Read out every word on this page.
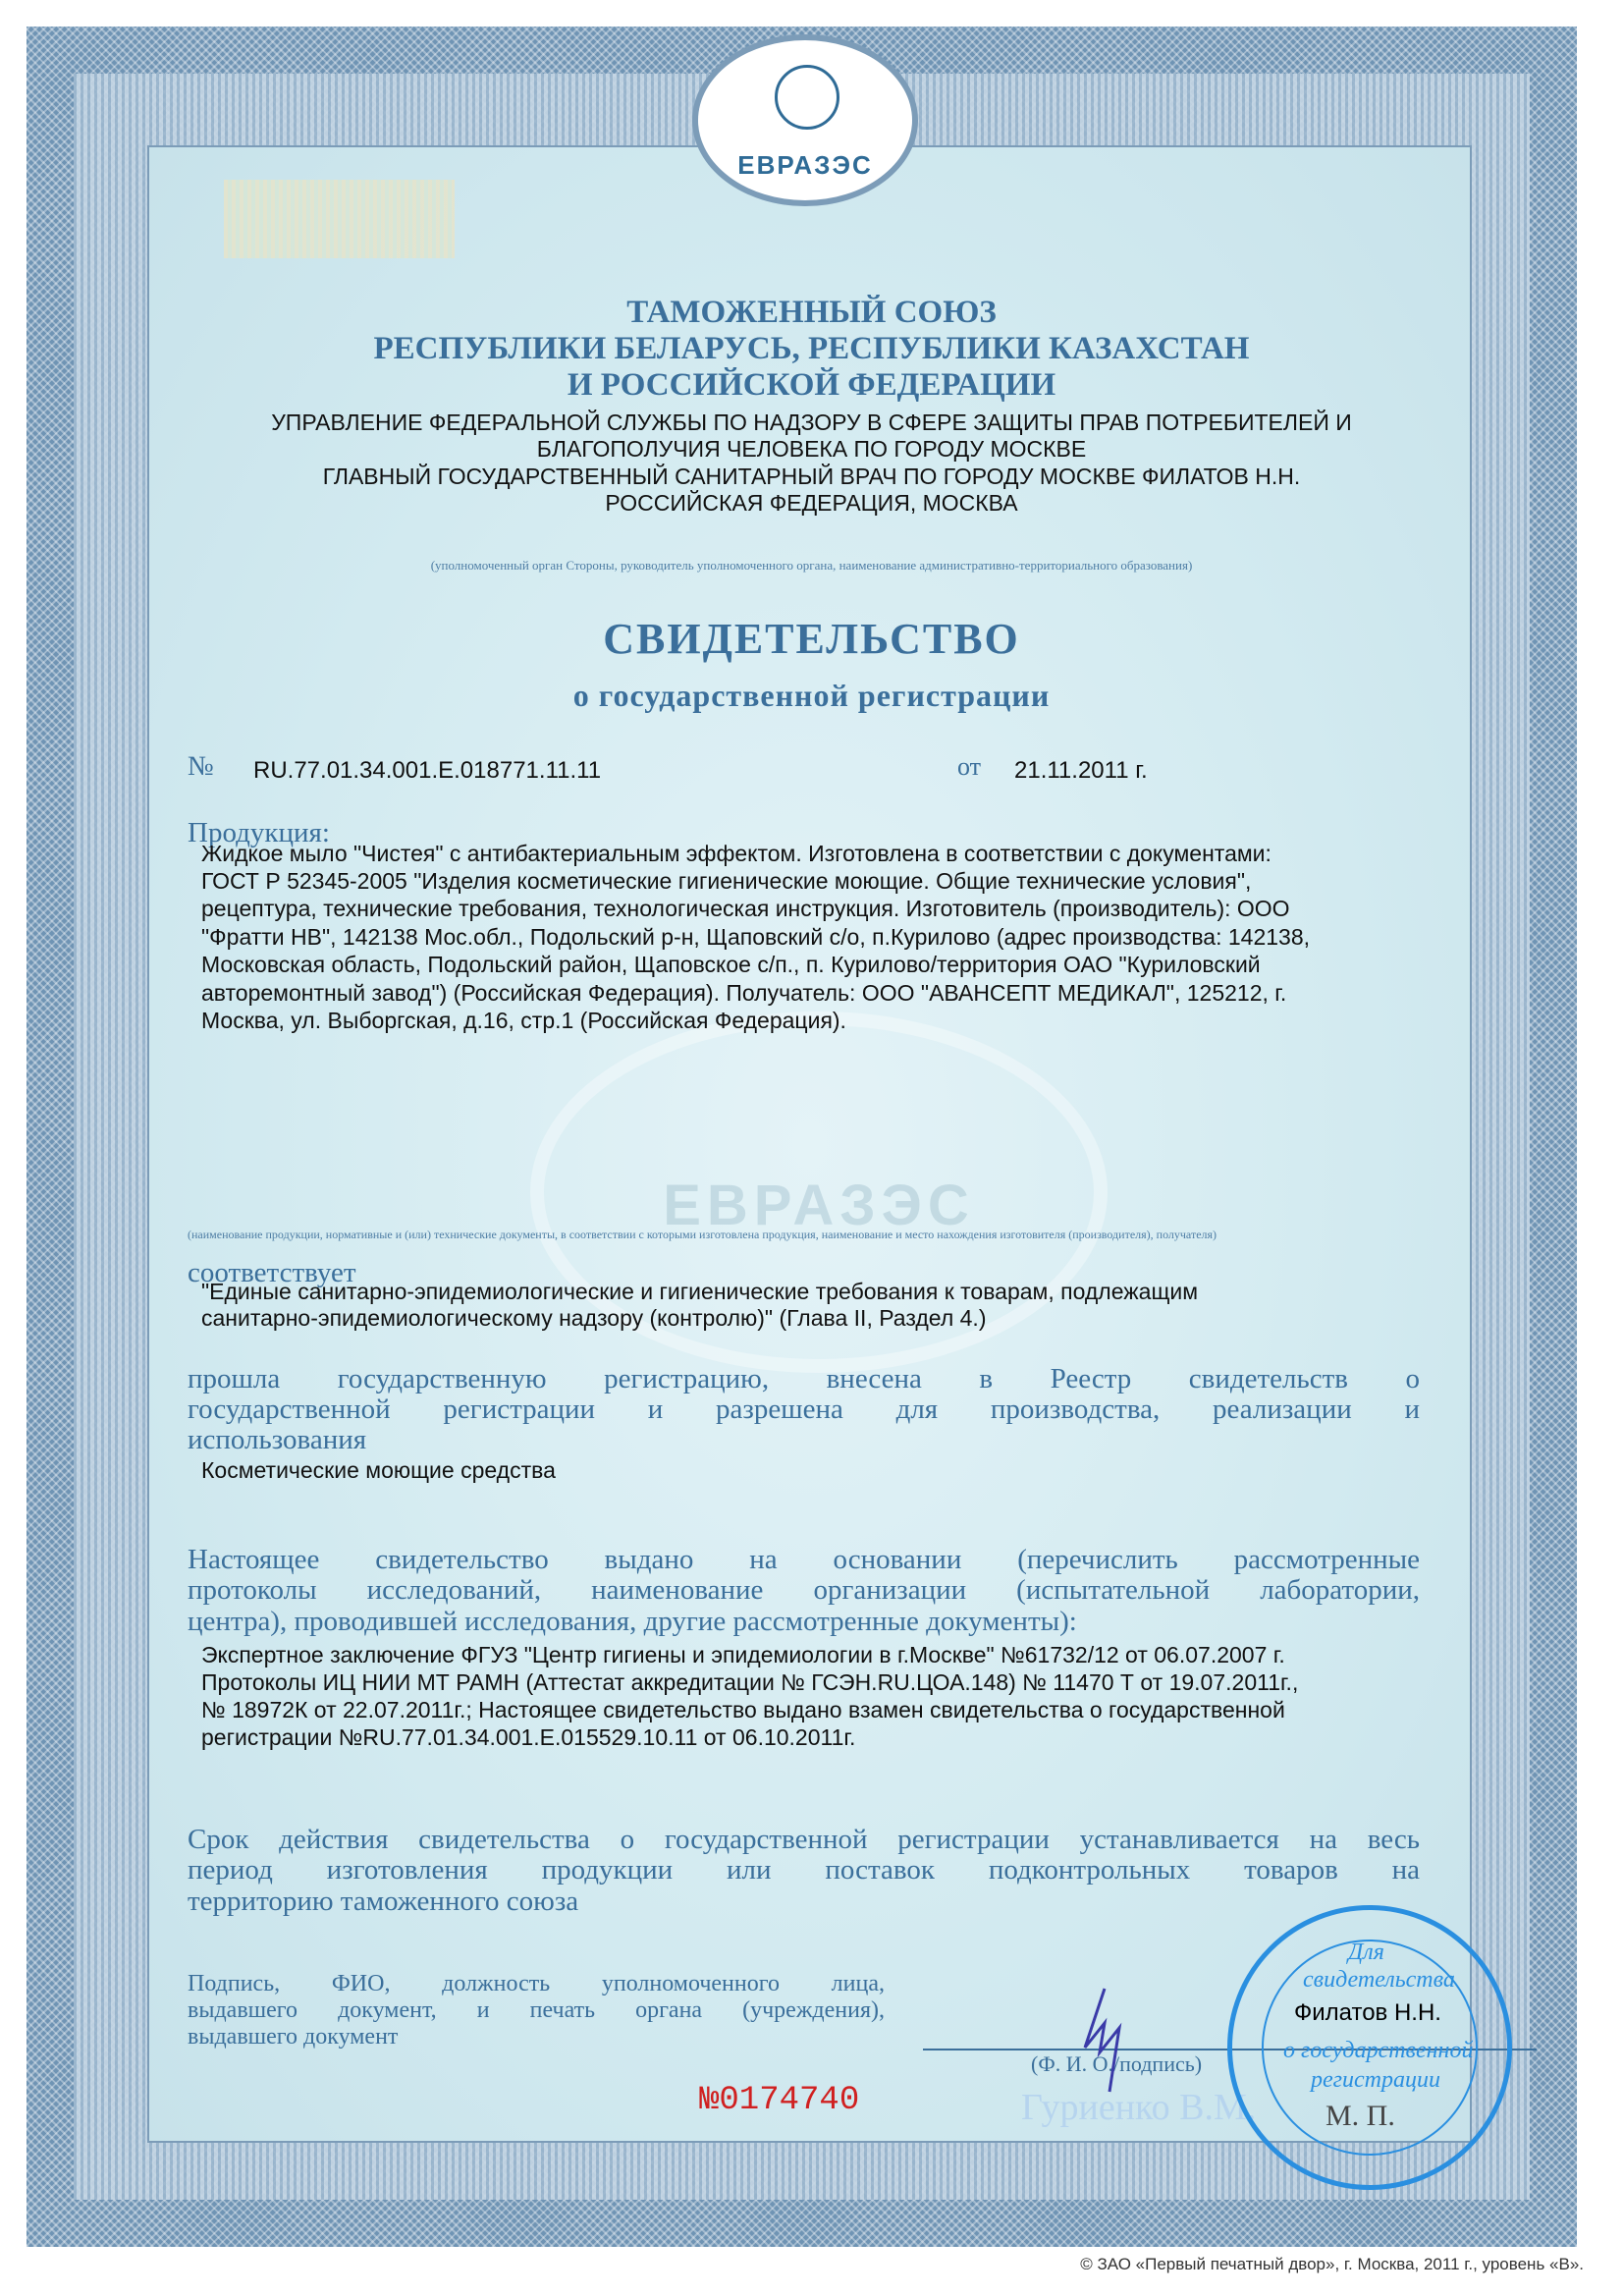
ЕВРАЗЭС
ЕВРАЗЭС
ТАМОЖЕННЫЙ СОЮЗ
РЕСПУБЛИКИ БЕЛАРУСЬ, РЕСПУБЛИКИ КАЗАХСТАН
И РОССИЙСКОЙ ФЕДЕРАЦИИ
УПРАВЛЕНИЕ ФЕДЕРАЛЬНОЙ СЛУЖБЫ ПО НАДЗОРУ В СФЕРЕ ЗАЩИТЫ ПРАВ ПОТРЕБИТЕЛЕЙ И
БЛАГОПОЛУЧИЯ ЧЕЛОВЕКА ПО ГОРОДУ МОСКВЕ
ГЛАВНЫЙ ГОСУДАРСТВЕННЫЙ САНИТАРНЫЙ ВРАЧ ПО ГОРОДУ МОСКВЕ ФИЛАТОВ Н.Н.
РОССИЙСКАЯ ФЕДЕРАЦИЯ, МОСКВА
(уполномоченный орган Стороны, руководитель уполномоченного органа, наименование административно-территориального образования)
СВИДЕТЕЛЬСТВО
о государственной регистрации
№ RU.77.01.34.001.E.018771.11.11	от 21.11.2011 г.
Продукция:
Жидкое мыло "Чистея" с антибактериальным эффектом. Изготовлена в соответствии с документами:
ГОСТ Р 52345-2005 "Изделия косметические гигиенические моющие. Общие технические условия",
рецептура, технические требования, технологическая инструкция. Изготовитель (производитель): ООО
"Фратти НВ", 142138 Мос.обл., Подольский р-н, Щаповский с/о, п.Курилово (адрес производства: 142138,
Московская область, Подольский район, Щаповское с/п., п. Курилово/территория ОАО "Куриловский
авторемонтный завод") (Российская Федерация). Получатель: ООО "АВАНСЕПТ МЕДИКАЛ", 125212, г.
Москва, ул. Выборгская, д.16, стр.1 (Российская Федерация).
(наименование продукции, нормативные и (или) технические документы, в соответствии с которыми изготовлена продукция, наименование и место нахождения изготовителя (производителя), получателя)
соответствует
"Единые санитарно-эпидемиологические и гигиенические требования к товарам, подлежащим
санитарно-эпидемиологическому надзору (контролю)" (Глава II, Раздел 4.)
прошла государственную регистрацию, внесена в Реестр свидетельств о
государственной регистрации и разрешена для производства, реализации и
использования
Косметические моющие средства
Настоящее свидетельство выдано на основании (перечислить рассмотренные
протоколы исследований, наименование организации (испытательной лаборатории,
центра), проводившей исследования, другие рассмотренные документы):
Экспертное заключение ФГУЗ "Центр гигиены и эпидемиологии в г.Москве" №61732/12 от 06.07.2007 г.
Протоколы ИЦ НИИ МТ РАМН (Аттестат аккредитации № ГСЭН.RU.ЦОА.148) № 11470 Т от 19.07.2011г.,
№ 18972К от 22.07.2011г.; Настоящее свидетельство выдано взамен свидетельства о государственной
регистрации №RU.77.01.34.001.E.015529.10.11 от 06.10.2011г.
Срок действия свидетельства о государственной регистрации устанавливается на весь
период изготовления продукции или поставок подконтрольных товаров на
территорию таможенного союза
Подпись, ФИО, должность уполномоченного лица,
выдавшего документ, и печать органа (учреждения),
выдавшего документ
Гуриенко В.М.
(Ф. И. О./подпись)
Для
свидетельства
о государственной
регистрации
М. П.
Филатов Н.Н.
№0174740
© ЗАО «Первый печатный двор», г. Москва, 2011 г., уровень «В».
